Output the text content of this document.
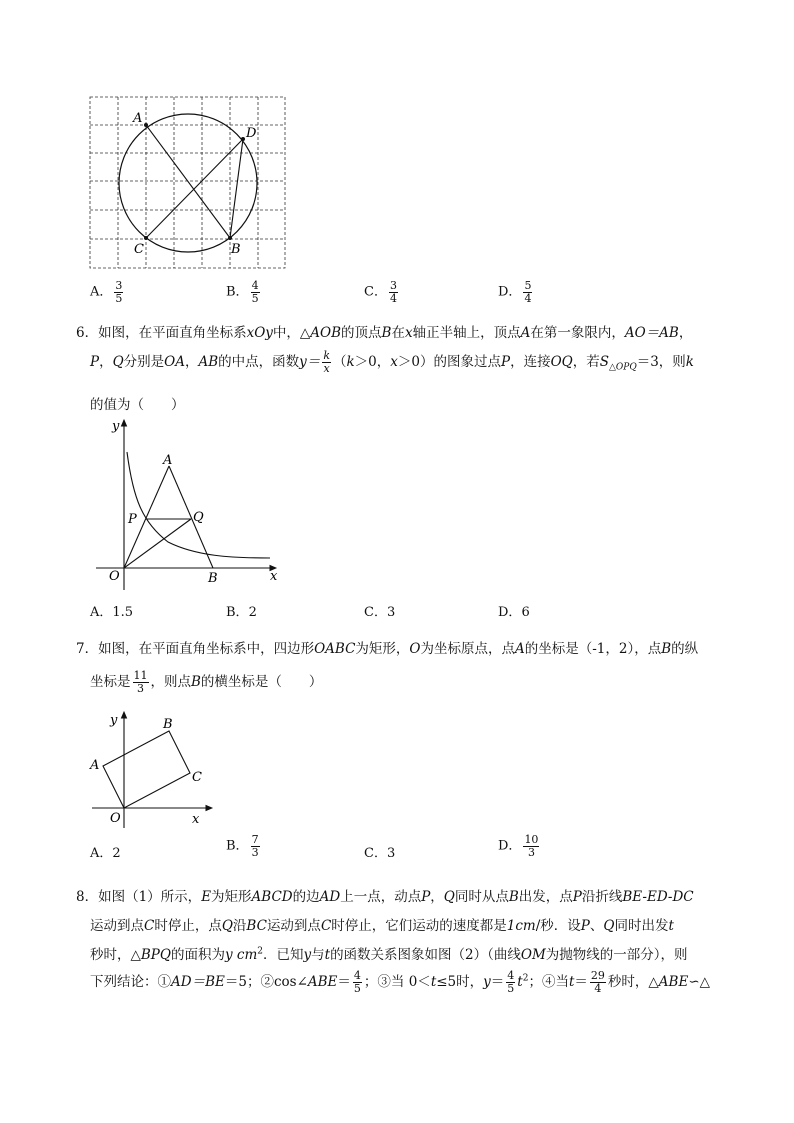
A
D
C	B
A． $\frac{3}{5}$	B． $\frac{4}{5}$	C． $\frac{3}{4}$	D． $\frac{5}{4}$
6．如图，在平面直角坐标系xOy中，△AOB的顶点B在x轴正半轴上，顶点A在第一象限内，AO＝AB，
P，Q分别是OA，AB的中点，函数$y= \frac{k}{x} (k>0$，x＞0）的图象过点P，连接OQ，若$S_{\triangle OPQ}=3$，则k
的值为（　　）
y
A
P	Q
O	B	x
A．1.5	B．2	C．3	D．6
7．如图，在平面直角坐标系中，四边形OABC为矩形，O为坐标原点，点A的坐标是（-1，2），点B的纵
坐标是 $\frac{11}{3}$ ，则点B的横坐标是（　　）
y	B
A
C
O	x
A．2	B． $\frac{7}{3}$	C．3	D． $\frac{10}{3}$
8．如图（1）所示，E为矩形ABCD的边AD上一点，动点P，Q同时从点B出发，点P沿折线BE-ED-DC
运动到点C时停止，点Q沿BC运动到点C时停止，它们运动的速度都是1cm/秒．设P、Q同时出发t
秒时，△BPQ的面积为y $cm^2$．已知y与t的函数关系图象如图（2）（曲线OM为抛物线的一部分），则
下列结论：①AD＝BE＝5；②cos∠ABE＝ $\frac{4}{5}$ ；③当 0＜t≤5时，$y= \frac{4}{5} t^2$；④当$t= \frac{29}{4}$ 秒时，△ABE∽△
